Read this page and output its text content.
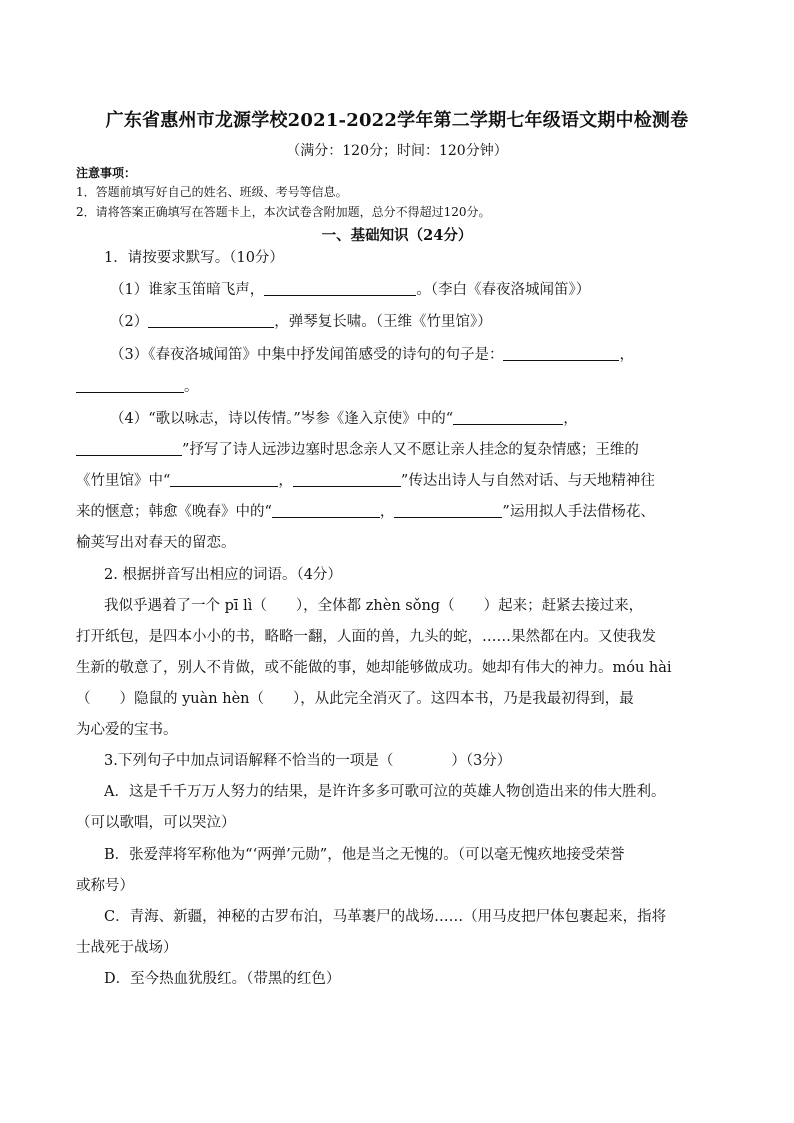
广东省惠州市龙源学校2021-2022学年第二学期七年级语文期中检测卷
（满分：120分；时间：120分钟）
注意事项：
1．答题前填写好自己的姓名、班级、考号等信息。
2．请将答案正确填写在答题卡上，本次试卷含附加题，总分不得超过120分。
一、基础知识（24分）
1．请按要求默写。（10分）
（1）谁家玉笛暗飞声，	。（李白《春夜洛城闻笛》）
（2）	，弹琴复长啸。（王维《竹里馆》）
（3）《春夜洛城闻笛》中集中抒发闻笛感受的诗句的句子是：	，
。
（4）“歌以咏志，诗以传情。”岑参《逢入京使》中的“	，
”抒写了诗人远涉边塞时思念亲人又不愿让亲人挂念的复杂情感；王维的
《竹里馆》中“	，	”传达出诗人与自然对话、与天地精神往
来的惬意；韩愈《晚春》中的“	，	”运用拟人手法借杨花、
榆荚写出对春天的留恋。
2. 根据拼音写出相应的词语。（4分）
我似乎遇着了一个 pī lì（　　），全体都 zhèn sǒng（　　）起来；赶紧去接过来，
打开纸包，是四本小小的书，略略一翻，人面的兽，九头的蛇，……果然都在内。又使我发
生新的敬意了，别人不肯做，或不能做的事，她却能够做成功。她却有伟大的神力。móu hài
（　　）隐鼠的 yuàn hèn（　　），从此完全消灭了。这四本书，乃是我最初得到，最
为心爱的宝书。
3.下列句子中加点词语解释不恰当的一项是（　　　　）（3分）
A．这是千千万万人努力的结果，是许许多多可歌可泣的英雄人物创造出来的伟大胜利。
（可以歌唱，可以哭泣）
B．张爱萍将军称他为“‘两弹’元勋”，他是当之无愧的。（可以毫无愧疚地接受荣誉
或称号）
C．青海、新疆，神秘的古罗布泊，马革裹尸的战场……（用马皮把尸体包裹起来，指将
士战死于战场）
D．至今热血犹殷红。（带黑的红色）
